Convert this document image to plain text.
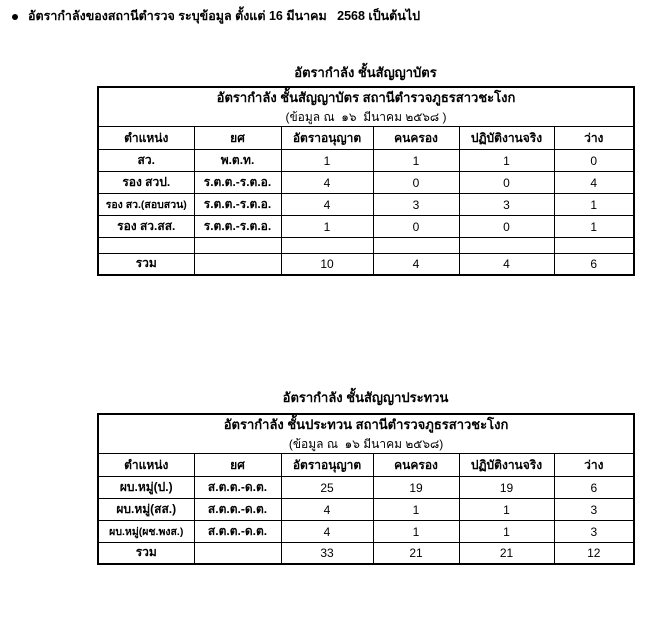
อัตรากำลังของสถานีตำรวจ ระบุข้อมูล ตั้งแต่ 16 มีนาคม   2568 เป็นต้นไป
อัตรากำลัง ชั้นสัญญาบัตร
อัตรากำลัง ชั้นสัญญาบัตร สถานีตำรวจภูธรสาวชะโงก
(ข้อมูล ณ  ๑๖  มีนาคม ๒๕๖๘ )					

ตำแหน่ง	ยศ	อัตราอนุญาต	คนครอง	ปฏิบัติงานจริง	ว่าง
สว.	พ.ต.ท.	1	1	1	0
รอง สวป.	ร.ต.ต.-ร.ต.อ.	4	0	0	4
รอง สว.(สอบสวน)	ร.ต.ต.-ร.ต.อ.	4	3	3	1
รอง สว.สส.	ร.ต.ต.-ร.ต.อ.	1	0	0	1

รวม		10	4	4	6
อัตรากำลัง ชั้นสัญญาประทวน
อัตรากำลัง ชั้นประทวน สถานีตำรวจภูธรสาวชะโงก
(ข้อมูล ณ  ๑๖ มีนาคม ๒๕๖๘)					

ตำแหน่ง	ยศ	อัตราอนุญาต	คนครอง	ปฏิบัติงานจริง	ว่าง
ผบ.หมู่(ป.)	ส.ต.ต.-ด.ต.	25	19	19	6
ผบ.หมู่(สส.)	ส.ต.ต.-ด.ต.	4	1	1	3
ผบ.หมู่(ผช.พงส.)	ส.ต.ต.-ด.ต.	4	1	1	3
รวม		33	21	21	12
